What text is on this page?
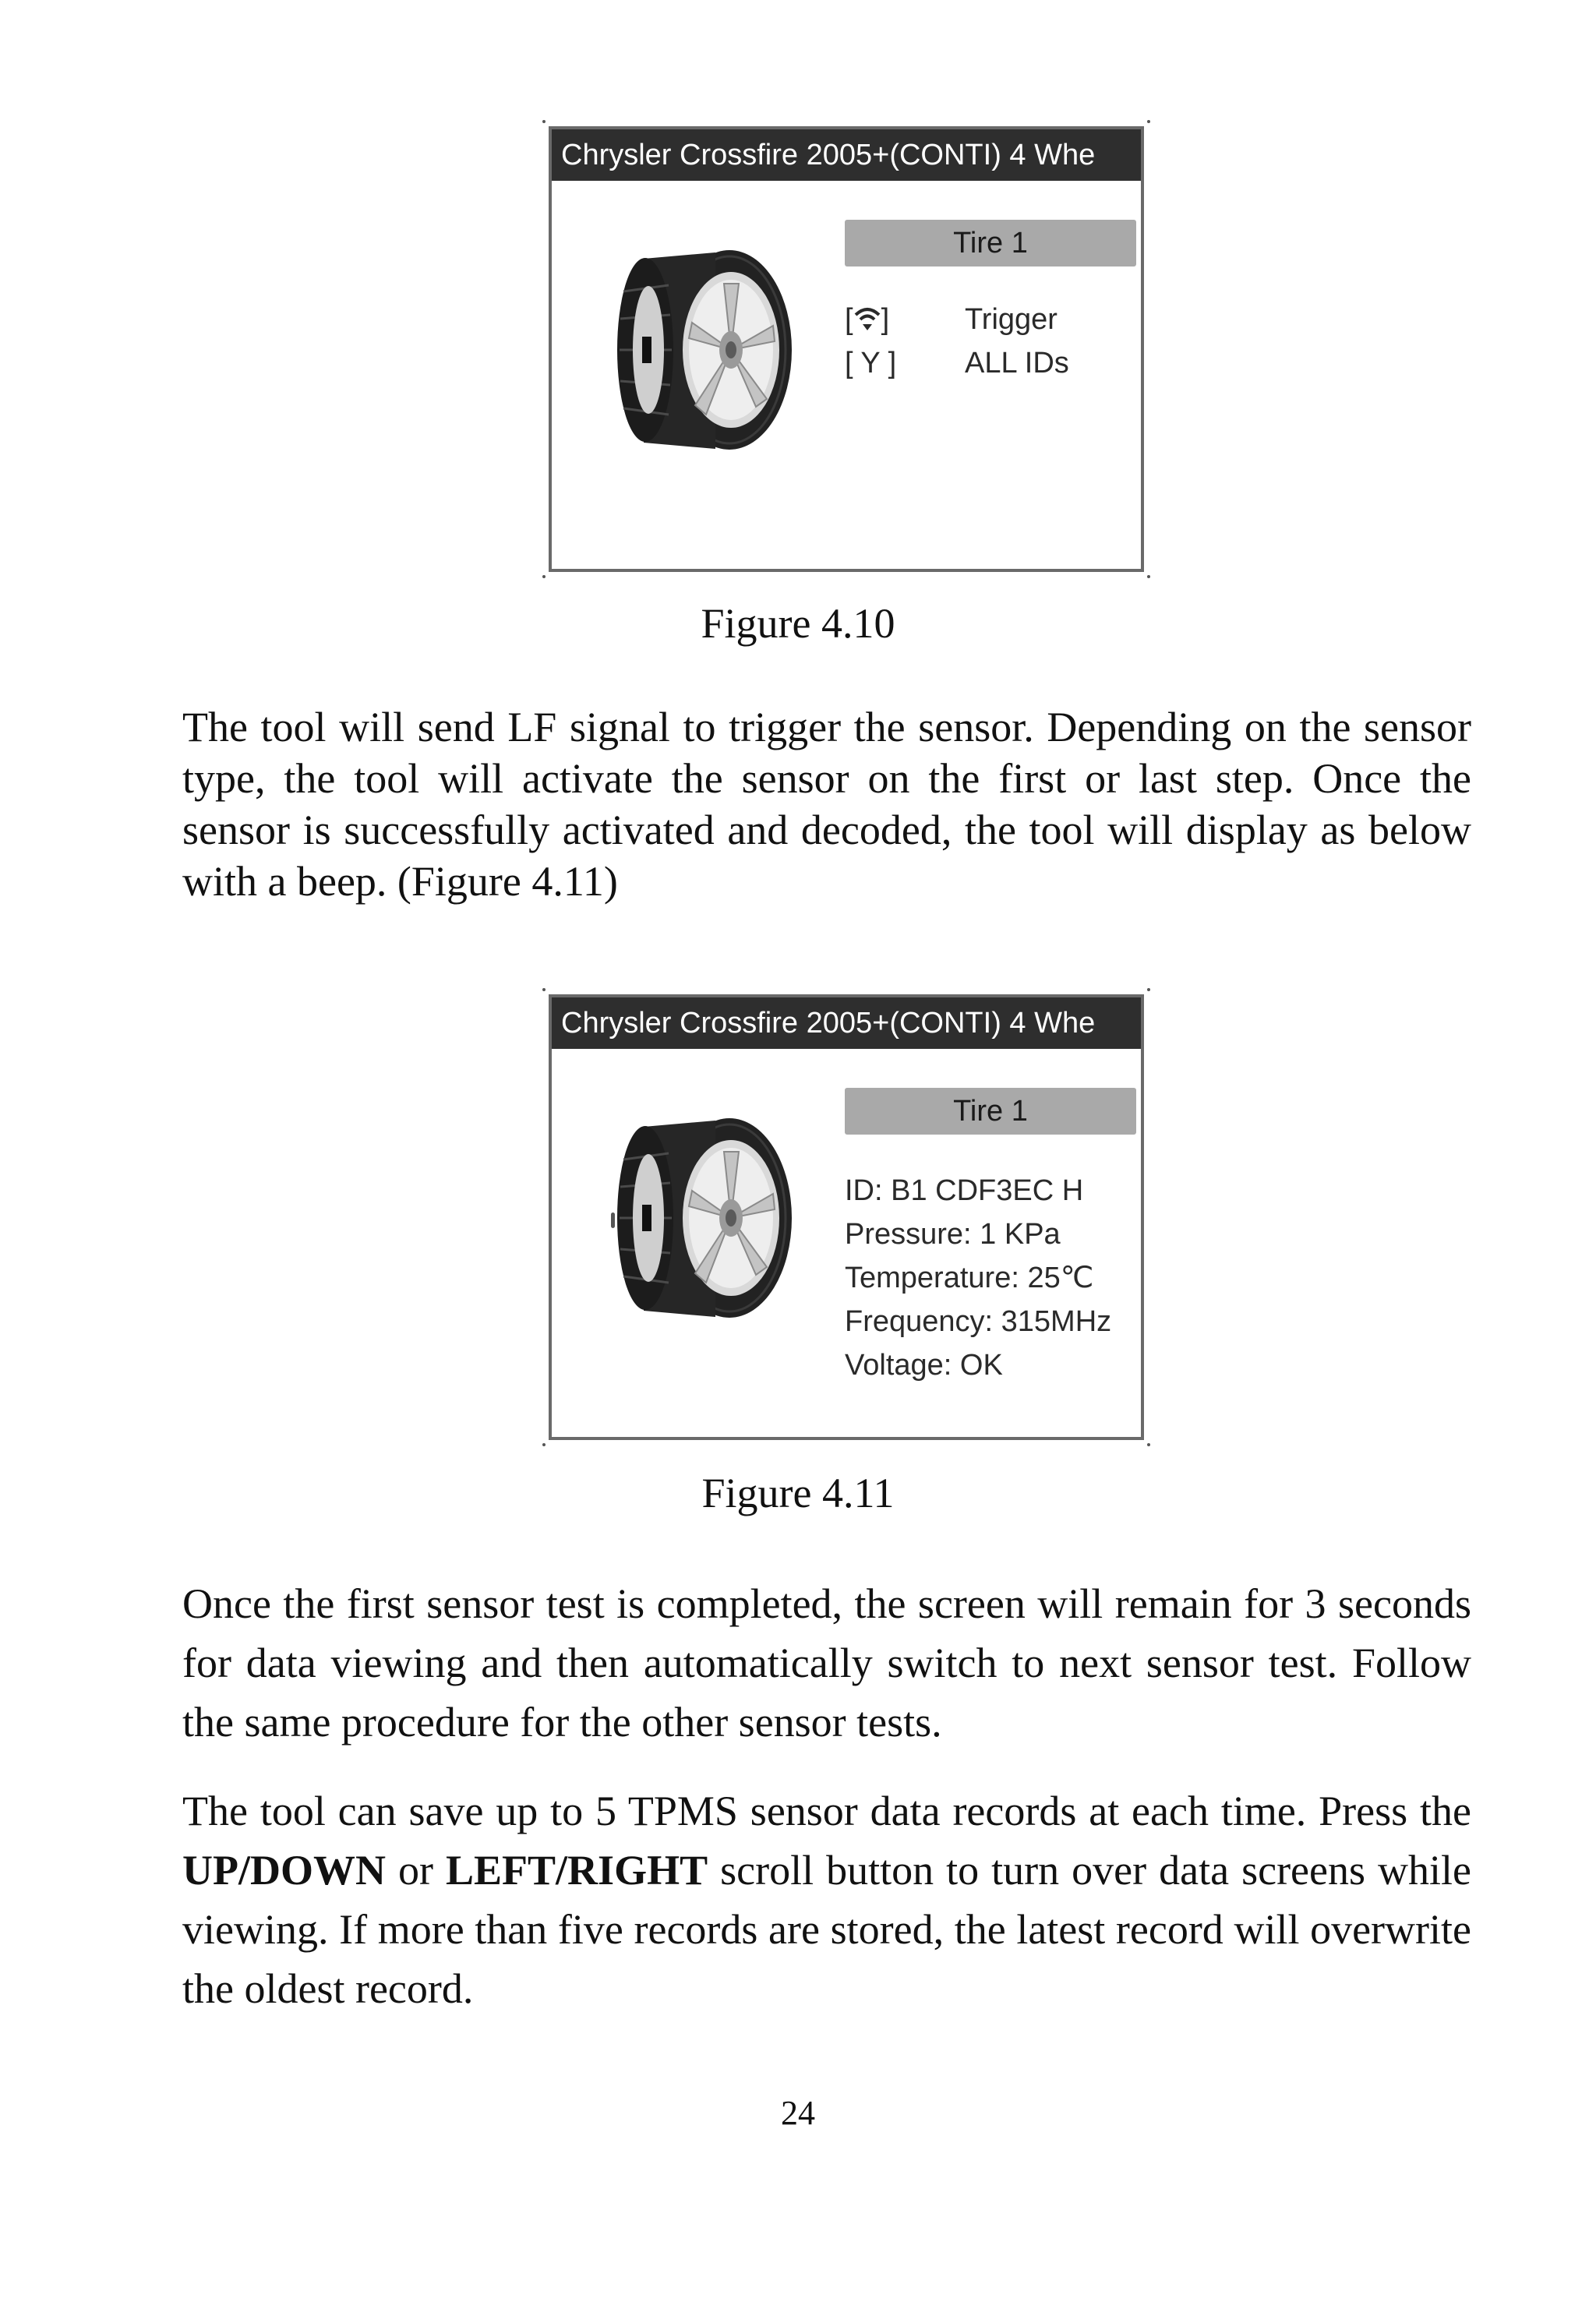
Chrysler Crossfire 2005+(CONTI) 4 Whe
Tire 1
[ ]	Trigger
[ Y ] ALL IDs
Figure 4.10

The tool will send LF signal to trigger the sensor. Depending on the sensor type, the tool will activate the sensor on the first or last step. Once the sensor is successfully activated and decoded, the tool will display as below with a beep. (Figure 4.11)

Chrysler Crossfire 2005+(CONTI) 4 Whe
Tire 1
ID: B1 CDF3EC H
Pressure: 1 KPa
Temperature: 25℃
Frequency: 315MHz
Voltage: OK
Figure 4.11

Once the first sensor test is completed, the screen will remain for 3 seconds for data viewing and then automatically switch to next sensor test. Follow the same procedure for the other sensor tests.

The tool can save up to 5 TPMS sensor data records at each time. Press the UP/DOWN or LEFT/RIGHT scroll button to turn over data screens while viewing. If more than five records are stored, the latest record will overwrite the oldest record.

24
